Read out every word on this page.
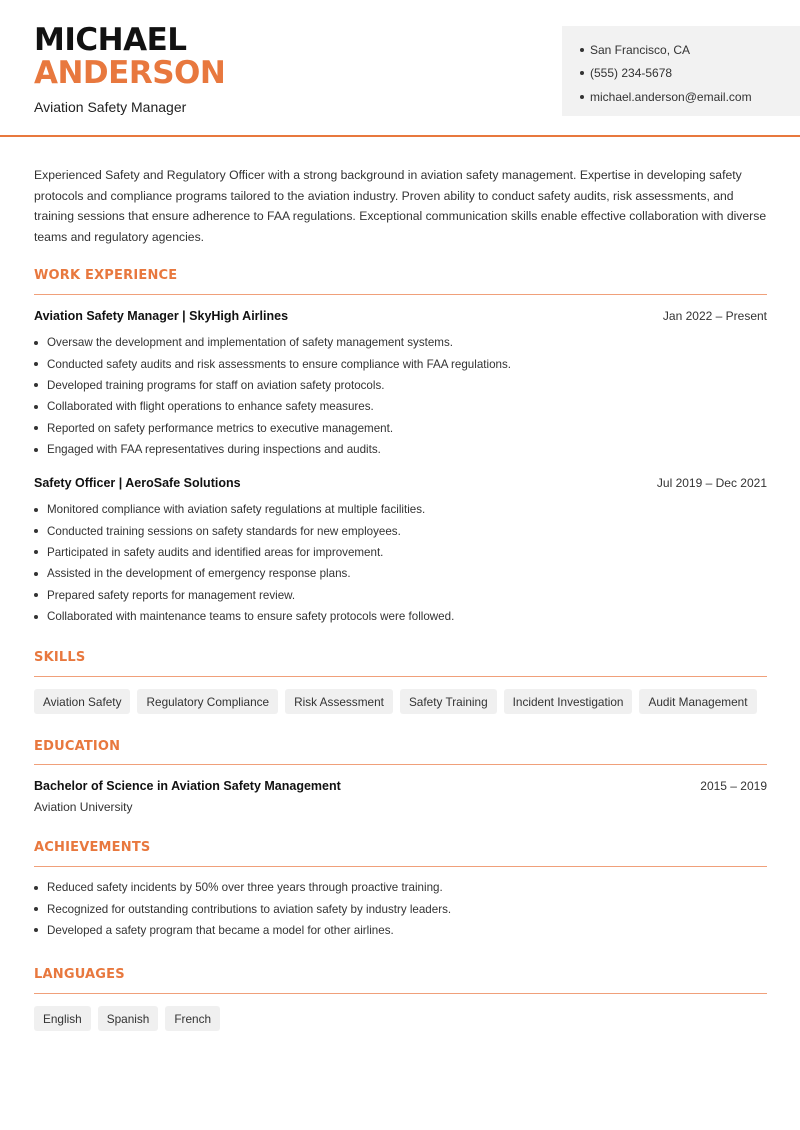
MICHAEL
ANDERSON
Aviation Safety Manager
San Francisco, CA
(555) 234-5678
michael.anderson@email.com

Experienced Safety and Regulatory Officer with a strong background in aviation safety management. Expertise in developing safety protocols and compliance programs tailored to the aviation industry. Proven ability to conduct safety audits, risk assessments, and training sessions that ensure adherence to FAA regulations. Exceptional communication skills enable effective collaboration with diverse teams and regulatory agencies.

WORK EXPERIENCE
Aviation Safety Manager | SkyHigh Airlines	Jan 2022 – Present
Oversaw the development and implementation of safety management systems.
Conducted safety audits and risk assessments to ensure compliance with FAA regulations.
Developed training programs for staff on aviation safety protocols.
Collaborated with flight operations to enhance safety measures.
Reported on safety performance metrics to executive management.
Engaged with FAA representatives during inspections and audits.
Safety Officer | AeroSafe Solutions	Jul 2019 – Dec 2021
Monitored compliance with aviation safety regulations at multiple facilities.
Conducted training sessions on safety standards for new employees.
Participated in safety audits and identified areas for improvement.
Assisted in the development of emergency response plans.
Prepared safety reports for management review.
Collaborated with maintenance teams to ensure safety protocols were followed.
SKILLS
Aviation Safety	Regulatory Compliance	Risk Assessment	Safety Training	Incident Investigation	Audit Management
EDUCATION
Bachelor of Science in Aviation Safety Management	2015 – 2019
Aviation University
ACHIEVEMENTS
Reduced safety incidents by 50% over three years through proactive training.
Recognized for outstanding contributions to aviation safety by industry leaders.
Developed a safety program that became a model for other airlines.
LANGUAGES
English	Spanish	French
